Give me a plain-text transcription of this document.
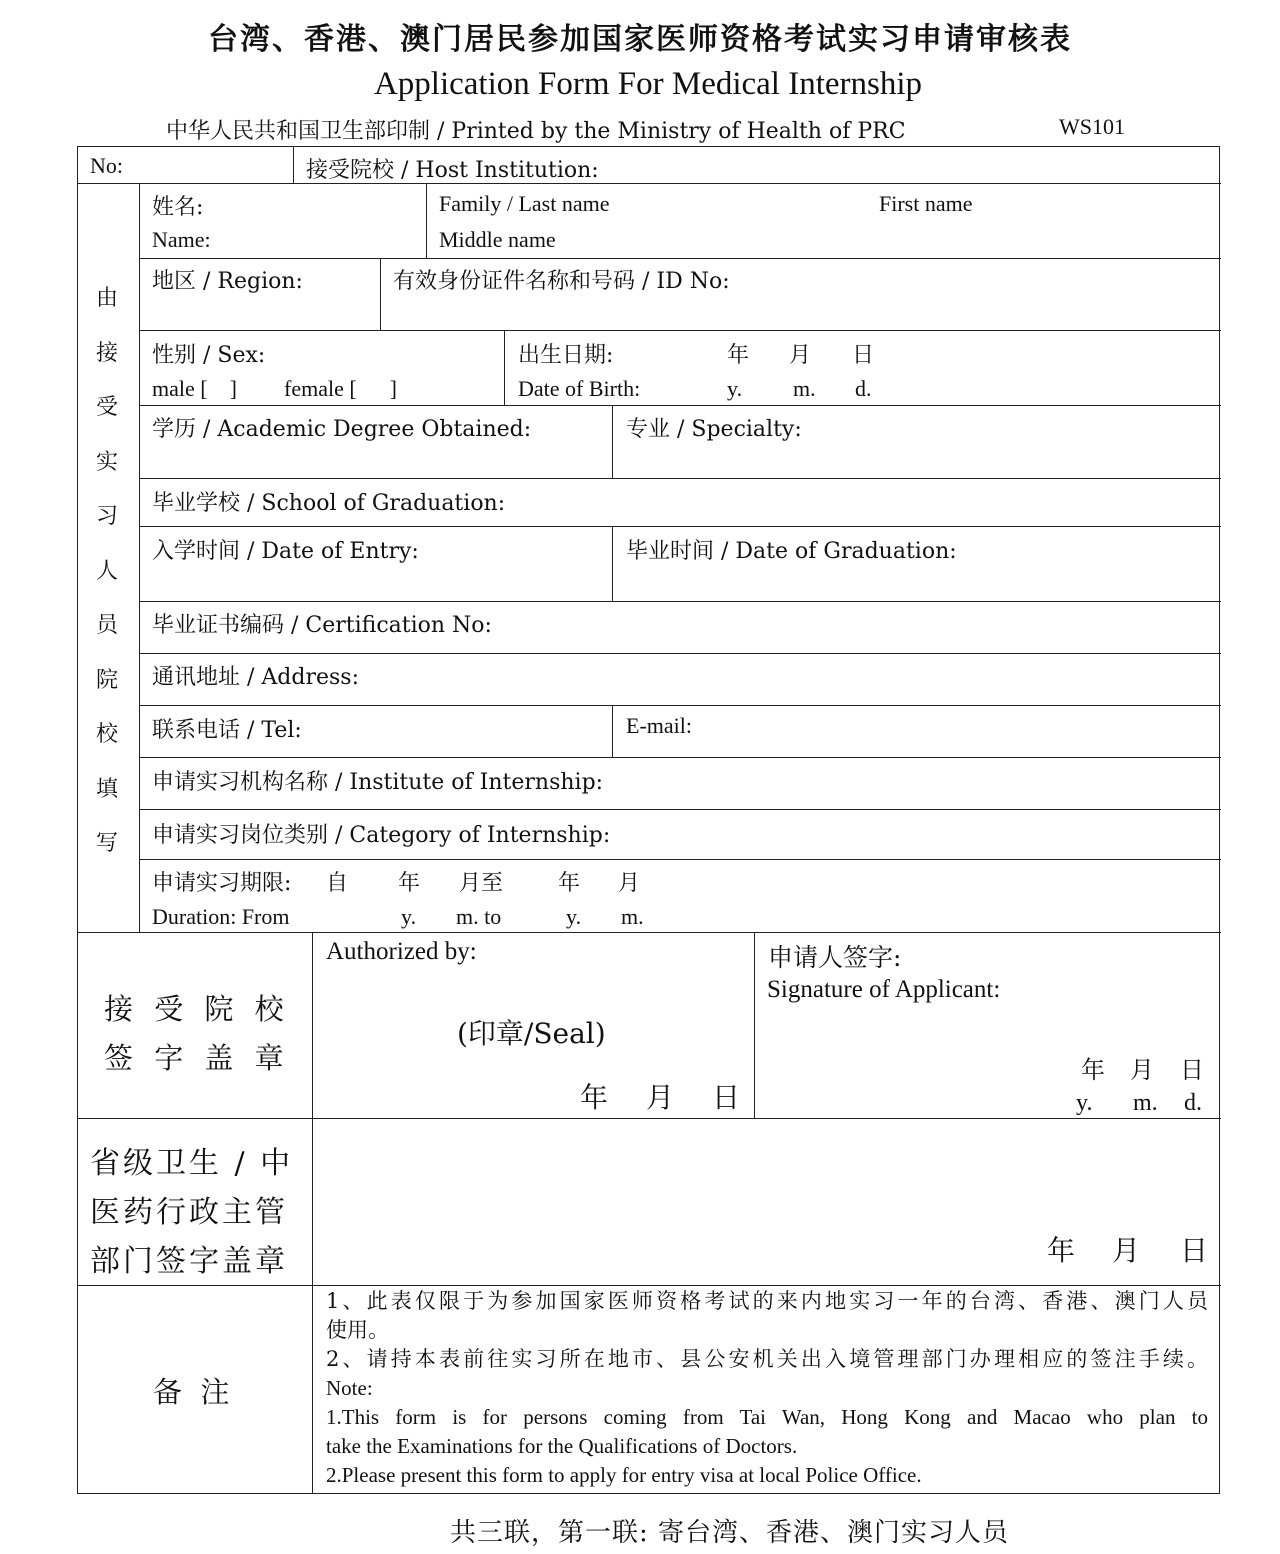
台湾、香港、澳门居民参加国家医师资格考试实习申请审核表
Application Form For Medical Internship
中华人民共和国卫生部印制 / Printed by the Ministry of Health of PRC	WS101
No:	接受院校 / Host Institution:
由接受实习人员院校填写
姓名:
Name:
Family / Last name	First name
Middle name
地区 / Region:	有效身份证件名称和号码 / ID No:
性别 / Sex:
male [    ] female [      ]
出生日期:	年 月 日
Date of Birth:	y. m. d.
学历 / Academic Degree Obtained:	专业 / Specialty:
毕业学校 / School of Graduation:
入学时间 / Date of Entry:	毕业时间 / Date of Graduation:
毕业证书编码 / Certification No:
通讯地址 / Address:
联系电话 / Tel:	E-mail:
申请实习机构名称 / Institute of Internship:
申请实习岗位类别 / Category of Internship:
申请实习期限: 自 年 月至 年 月
Duration: From	y. m. to	y. m.
接 受 院 校
签 字 盖 章
Authorized by:
(印章/Seal)
年 月 日
申请人签字:
Signature of Applicant:
年 月 日
y. m. d.
省级卫生 / 中
医药行政主管
部门签字盖章	年 月 日
备  注
1、此表仅限于为参加国家医师资格考试的来内地实习一年的台湾、香港、澳门人员
使用。
2、请持本表前往实习所在地市、县公安机关出入境管理部门办理相应的签注手续。
Note:
1.This form is for persons coming from Tai Wan, Hong Kong and Macao who plan to
take the Examinations for the Qualifications of Doctors.
2.Please present this form to apply for entry visa at local Police Office.
共三联，第一联: 寄台湾、香港、澳门实习人员
